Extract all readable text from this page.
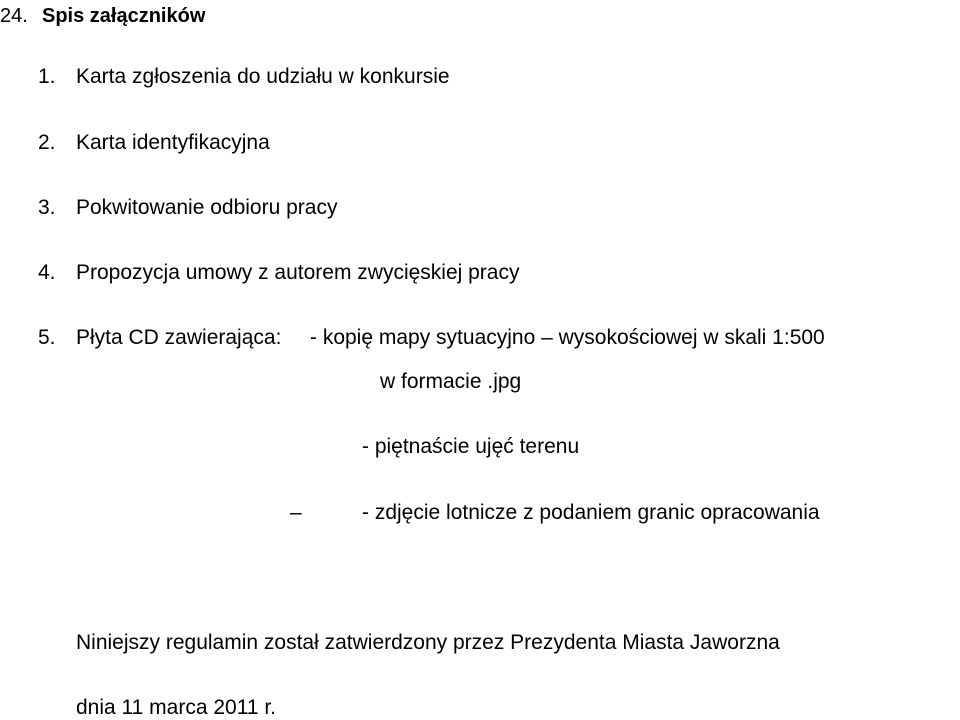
24. Spis załączników
1. Karta zgłoszenia do udziału w konkursie
2. Karta identyfikacyjna
3. Pokwitowanie odbioru pracy
4. Propozycja umowy z autorem zwycięskiej pracy
5. Płyta CD zawierająca: - kopię mapy sytuacyjno – wysokościowej w skali 1:500
w formacie .jpg
- piętnaście ujęć terenu
–	- zdjęcie lotnicze z podaniem granic opracowania
Niniejszy regulamin został zatwierdzony przez Prezydenta Miasta Jaworzna
dnia 11 marca 2011 r.
